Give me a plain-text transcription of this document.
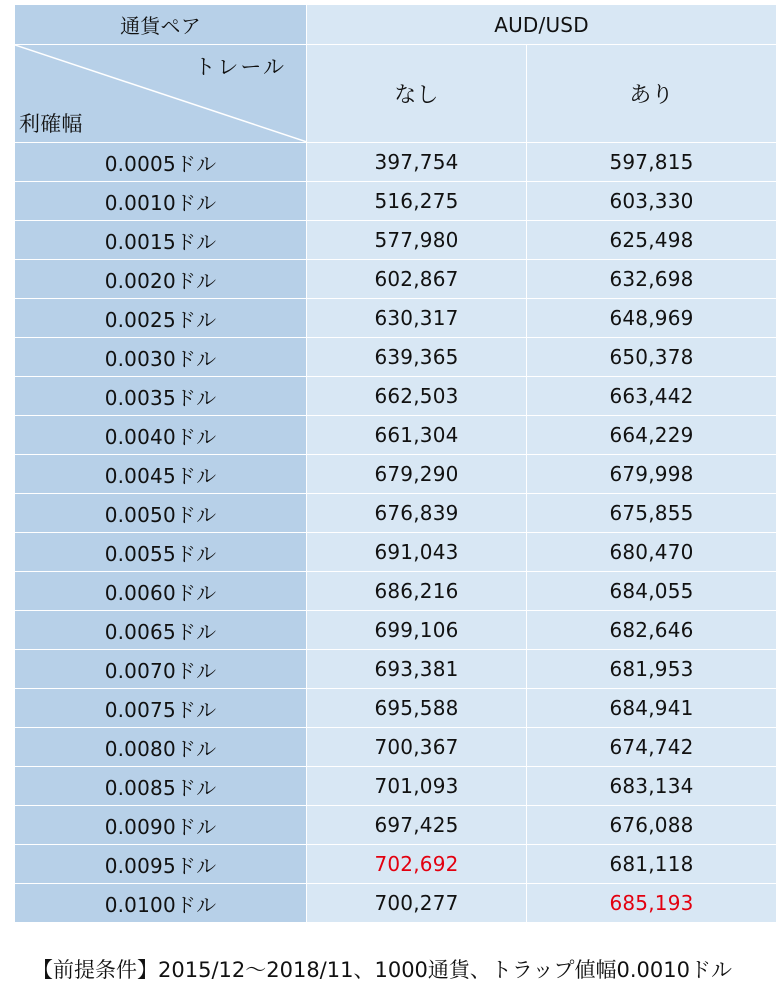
通貨ペア	AUD/USD	

トレール
利確幅	なし	あり
0.0005ドル	397,754	597,815
0.0010ドル	516,275	603,330
0.0015ドル	577,980	625,498
0.0020ドル	602,867	632,698
0.0025ドル	630,317	648,969
0.0030ドル	639,365	650,378
0.0035ドル	662,503	663,442
0.0040ドル	661,304	664,229
0.0045ドル	679,290	679,998
0.0050ドル	676,839	675,855
0.0055ドル	691,043	680,470
0.0060ドル	686,216	684,055
0.0065ドル	699,106	682,646
0.0070ドル	693,381	681,953
0.0075ドル	695,588	684,941
0.0080ドル	700,367	674,742
0.0085ドル	701,093	683,134
0.0090ドル	697,425	676,088
0.0095ドル	702,692	681,118
0.0100ドル	700,277	685,193
【前提条件】2015/12〜2018/11、1000通貨、トラップ値幅0.0010ドル
